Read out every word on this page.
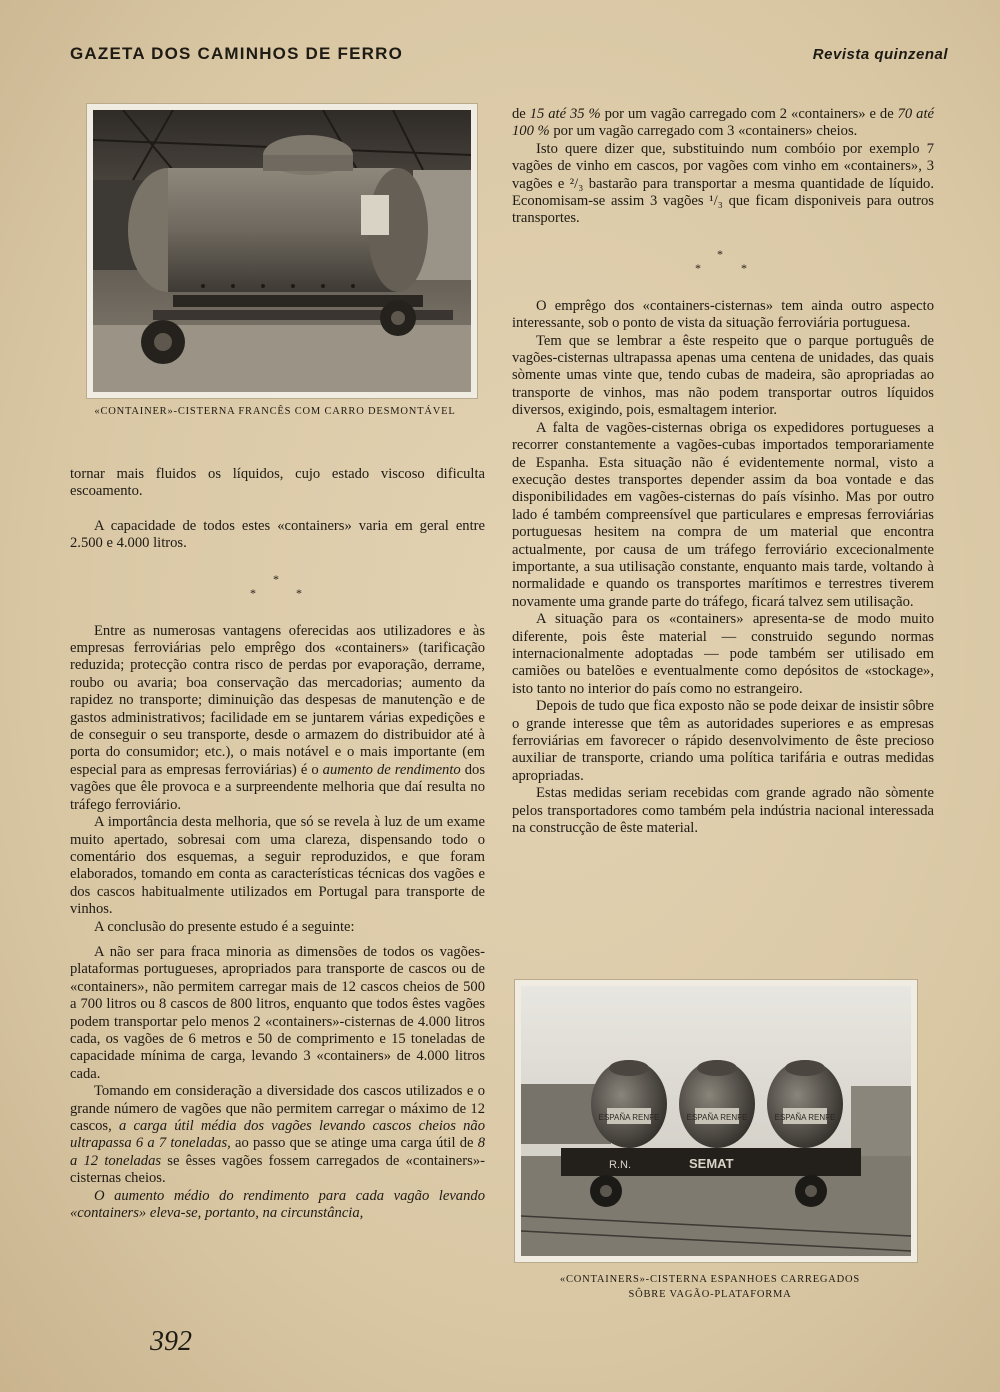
GAZETA DOS CAMINHOS DE FERRO	Revista quinzenal
«CONTAINER»-CISTERNA FRANCÊS COM CARRO DESMONTÁVEL

tornar mais fluidos os líquidos, cujo estado viscoso dificulta escoamento.

A capacidade de todos estes «containers» varia em geral entre 2.500 e 4.000 litros.

*
*	*

Entre as numerosas vantagens oferecidas aos utilizadores e às empresas ferroviárias pelo emprêgo dos «containers» (tarificação reduzida; protecção contra risco de perdas por evaporação, derrame, roubo ou avaria; boa conservação das mercadorias; aumento da rapidez no transporte; diminuição das despesas de manutenção e de gastos administrativos; facilidade em se juntarem várias expedições e de conseguir o seu transporte, desde o armazem do distribuidor até à porta do consumidor; etc.), o mais notável e o mais importante (em especial para as empresas ferroviárias) é o aumento de rendimento dos vagões que êle provoca e a surpreendente melhoria que daí resulta no tráfego ferroviário.

A importância desta melhoria, que só se revela à luz de um exame muito apertado, sobresai com uma clareza, dispensando todo o comentário dos esquemas, a seguir reproduzidos, e que foram elaborados, tomando em conta as características técnicas dos vagões e dos cascos habitualmente utilizados em Portugal para transporte de vinhos.

A conclusão do presente estudo é a seguinte:

A não ser para fraca minoria as dimensões de todos os vagões-plataformas portugueses, apropriados para transporte de cascos ou de «containers», não permitem carregar mais de 12 cascos cheios de 500 a 700 litros ou 8 cascos de 800 litros, enquanto que todos êstes vagões podem transportar pelo menos 2 «containers»-cisternas de 4.000 litros cada, os vagões de 6 metros e 50 de comprimento e 15 toneladas de capacidade mínima de carga, levando 3 «containers» de 4.000 litros cada.

Tomando em consideração a diversidade dos cascos utilizados e o grande número de vagões que não permitem carregar o máximo de 12 cascos, a carga útil média dos vagões levando cascos cheios não ultrapassa 6 a 7 toneladas, ao passo que se atinge uma carga útil de 8 a 12 toneladas se êsses vagões fossem carregados de «containers»-cisternas cheios.

O aumento médio do rendimento para cada vagão levando «containers» eleva-se, portanto, na circunstância,

de 15 até 35 % por um vagão carregado com 2 «containers» e de 70 até 100 % por um vagão carregado com 3 «containers» cheios.

Isto quere dizer que, substituindo num combóio por exemplo 7 vagões de vinho em cascos, por vagões com vinho em «containers», 3 vagões e ²/₃ bastarão para transportar a mesma quantidade de líquido. Economisam-se assim 3 vagões ¹/₃ que ficam disponiveis para outros transportes.

*
*	*

O emprêgo dos «containers-cisternas» tem ainda outro aspecto interessante, sob o ponto de vista da situação ferroviária portuguesa.

Tem que se lembrar a êste respeito que o parque português de vagões-cisternas ultrapassa apenas uma centena de unidades, das quais sòmente umas vinte que, tendo cubas de madeira, são apropriadas ao transporte de vinhos, mas não podem transportar outros líquidos diversos, exigindo, pois, esmaltagem interior.

A falta de vagões-cisternas obriga os expedidores portugueses a recorrer constantemente a vagões-cubas importados temporariamente de Espanha. Esta situação não é evidentemente normal, visto a execução destes transportes depender assim da boa vontade e das disponibilidades em vagões-cisternas do país vísinho. Mas por outro lado é também compreensível que particulares e empresas ferroviárias portuguesas hesitem na compra de um material que encontra actualmente, por causa de um tráfego ferroviário excecionalmente importante, a sua utilisação constante, enquanto mais tarde, voltando à normalidade e quando os transportes marítimos e terrestres tiverem novamente uma grande parte do tráfego, ficará talvez sem utilisação.

A situação para os «containers» apresenta-se de modo muito diferente, pois êste material — construido segundo normas internacionalmente adoptadas — pode também ser utilisado em camiões ou batelões e eventualmente como depósitos de «stockage», isto tanto no interior do país como no estrangeiro.

Depois de tudo que fica exposto não se pode deixar de insistir sôbre o grande interesse que têm as autoridades superiores e as empresas ferroviárias em favorecer o rápido desenvolvimento de êste precioso auxiliar de transporte, criando uma política tarifária e outras medidas apropriadas.

Estas medidas seriam recebidas com grande agrado não sòmente pelos transportadores como também pela indústria nacional interessada na construcção de êste material.

ESPAÑA RENFE	ESPAÑA RENFE	ESPAÑA RENFE
R.N.	SEMAT
«CONTAINERS»-CISTERNA ESPANHOES CARREGADOS
SÔBRE VAGÃO-PLATAFORMA
392
